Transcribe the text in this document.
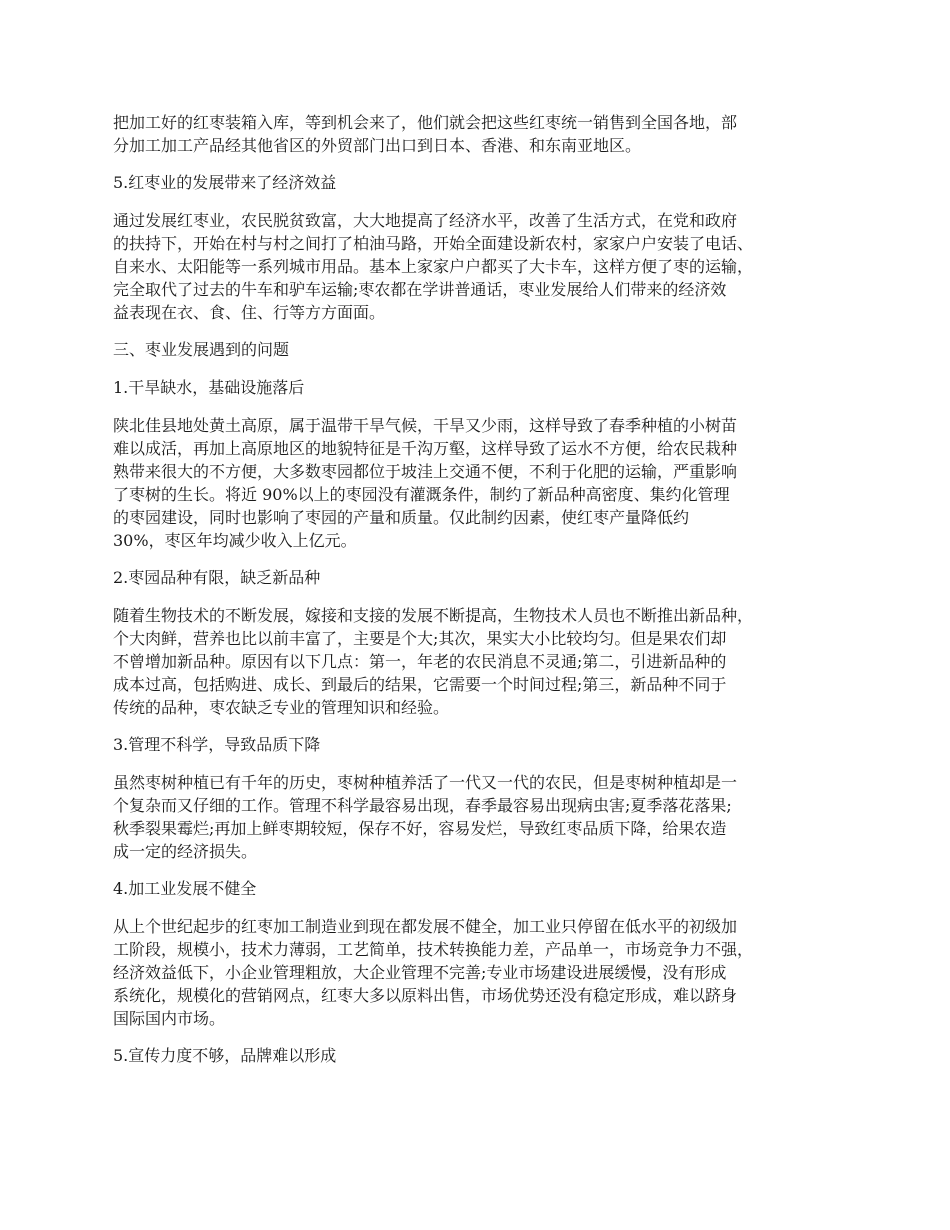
把加工好的红枣装箱入库，等到机会来了，他们就会把这些红枣统一销售到全国各地，部
分加工加工产品经其他省区的外贸部门出口到日本、香港、和东南亚地区。

5.红枣业的发展带来了经济效益

通过发展红枣业，农民脱贫致富，大大地提高了经济水平，改善了生活方式，在党和政府
的扶持下，开始在村与村之间打了柏油马路，开始全面建设新农村，家家户户安装了电话、
自来水、太阳能等一系列城市用品。基本上家家户户都买了大卡车，这样方便了枣的运输，
完全取代了过去的牛车和驴车运输;枣农都在学讲普通话，枣业发展给人们带来的经济效
益表现在衣、食、住、行等方方面面。

三、枣业发展遇到的问题

1.干旱缺水，基础设施落后

陕北佳县地处黄土高原，属于温带干旱气候，干旱又少雨，这样导致了春季种植的小树苗
难以成活，再加上高原地区的地貌特征是千沟万壑，这样导致了运水不方便，给农民栽种
熟带来很大的不方便，大多数枣园都位于坡洼上交通不便，不利于化肥的运输，严重影响
了枣树的生长。将近 90%以上的枣园没有灌溉条件，制约了新品种高密度、集约化管理
的枣园建设，同时也影响了枣园的产量和质量。仅此制约因素，使红枣产量降低约
30%，枣区年均减少收入上亿元。

2.枣园品种有限，缺乏新品种

随着生物技术的不断发展，嫁接和支接的发展不断提高，生物技术人员也不断推出新品种，
个大肉鲜，营养也比以前丰富了，主要是个大;其次，果实大小比较均匀。但是果农们却
不曾增加新品种。原因有以下几点：第一，年老的农民消息不灵通;第二，引进新品种的
成本过高，包括购进、成长、到最后的结果，它需要一个时间过程;第三，新品种不同于
传统的品种，枣农缺乏专业的管理知识和经验。

3.管理不科学，导致品质下降

虽然枣树种植已有千年的历史，枣树种植养活了一代又一代的农民，但是枣树种植却是一
个复杂而又仔细的工作。管理不科学最容易出现，春季最容易出现病虫害;夏季落花落果;
秋季裂果霉烂;再加上鲜枣期较短，保存不好，容易发烂，导致红枣品质下降，给果农造
成一定的经济损失。

4.加工业发展不健全

从上个世纪起步的红枣加工制造业到现在都发展不健全，加工业只停留在低水平的初级加
工阶段，规模小，技术力薄弱，工艺简单，技术转换能力差，产品单一，市场竞争力不强，
经济效益低下，小企业管理粗放，大企业管理不完善;专业市场建设进展缓慢，没有形成
系统化，规模化的营销网点，红枣大多以原料出售，市场优势还没有稳定形成，难以跻身
国际国内市场。

5.宣传力度不够，品牌难以形成
